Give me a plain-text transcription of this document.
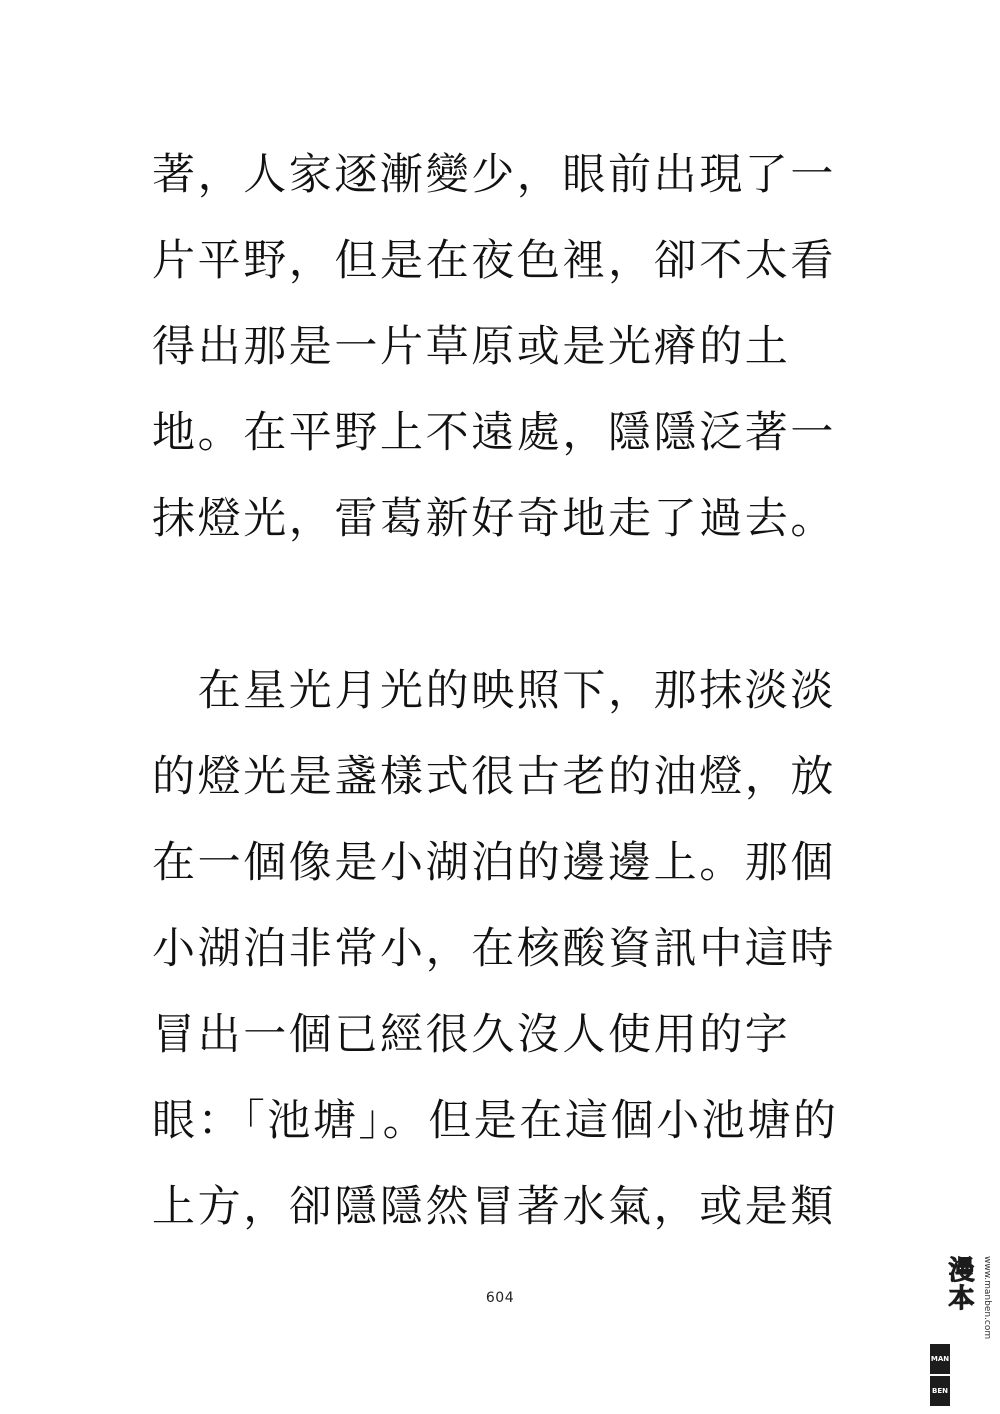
著，人家逐漸變少，眼前出現了一
片平野，但是在夜色裡，卻不太看
得出那是一片草原或是光瘠的土
地。在平野上不遠處，隱隱泛著一
抹燈光，雷葛新好奇地走了過去。
　在星光月光的映照下，那抹淡淡
的燈光是盞樣式很古老的油燈，放
在一個像是小湖泊的邊邊上。那個
小湖泊非常小，在核酸資訊中這時
冒出一個已經很久沒人使用的字
眼：「池塘」。但是在這個小池塘的
上方，卻隱隱然冒著水氣，或是類
604
MAN
BEN
漫本 www.manben.com
